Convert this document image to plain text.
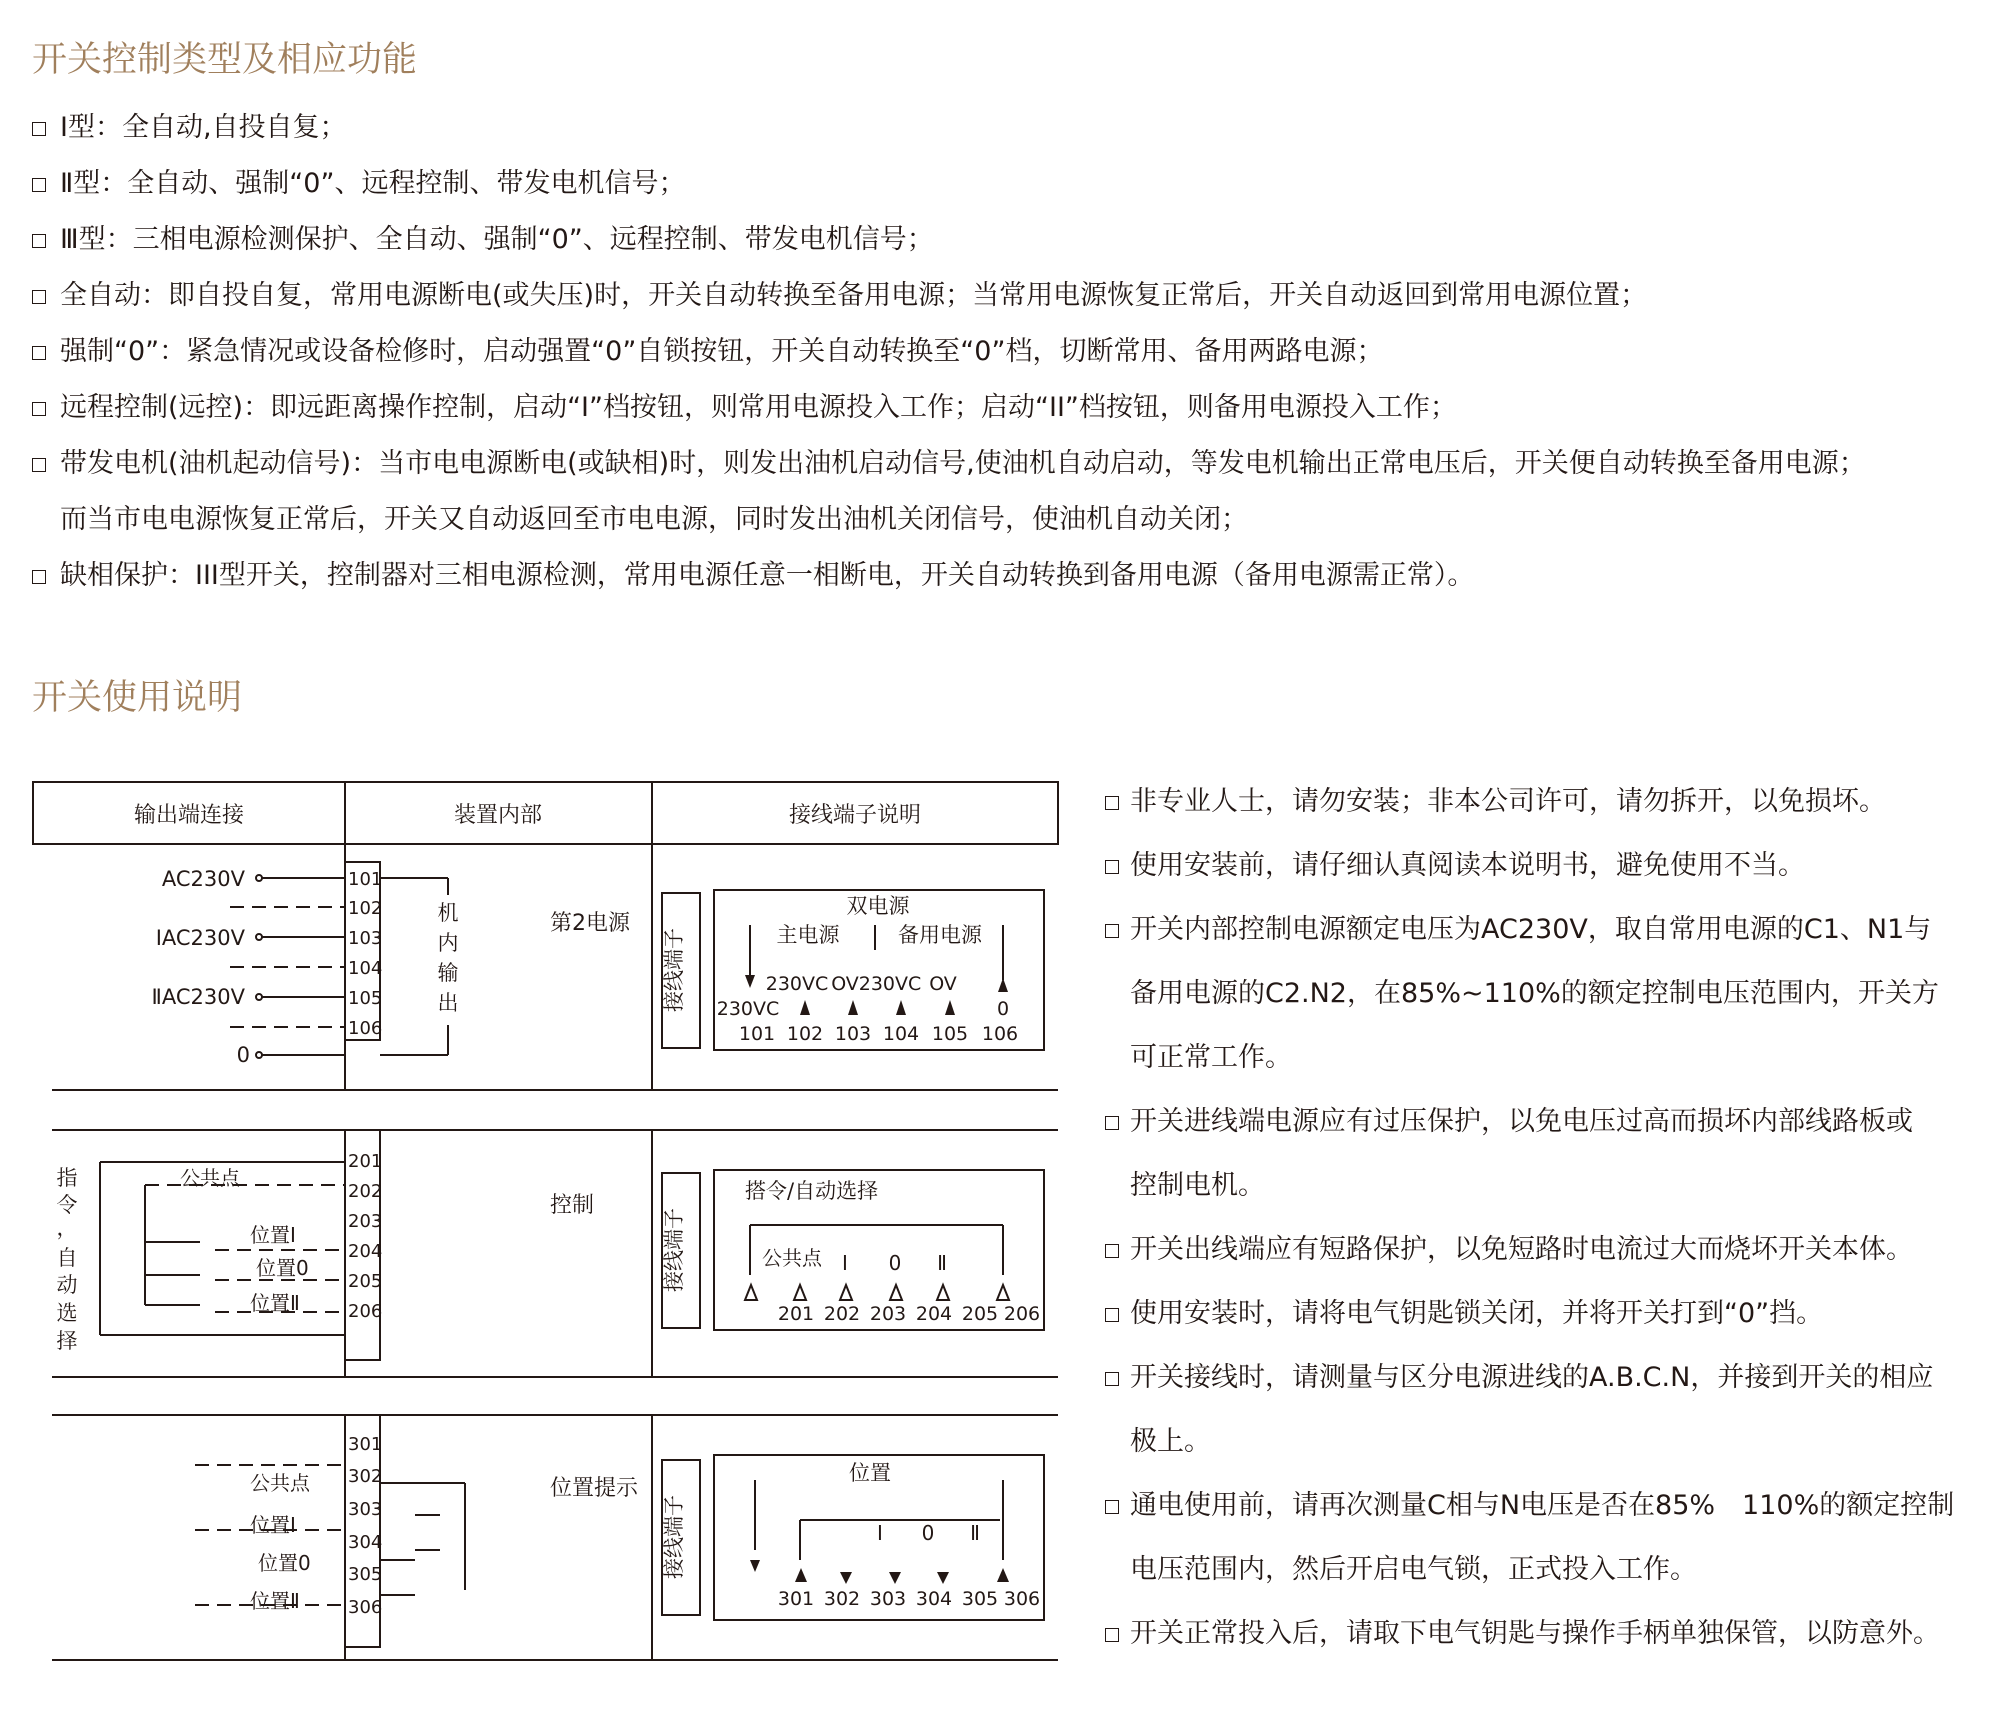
开关控制类型及相应功能
Ⅰ型：全自动,自投自复；
Ⅱ型：全自动、强制“0”、远程控制、带发电机信号；
Ⅲ型：三相电源检测保护、全自动、强制“0”、远程控制、带发电机信号；
全自动：即自投自复，常用电源断电(或失压)时，开关自动转换至备用电源；当常用电源恢复正常后，开关自动返回到常用电源位置；
强制“0”：紧急情况或设备检修时，启动强置“0”自锁按钮，开关自动转换至“0”档，切断常用、备用两路电源；
远程控制(远控)：即远距离操作控制，启动“I”档按钮，则常用电源投入工作；启动“II”档按钮，则备用电源投入工作；
带发电机(油机起动信号)：当市电电源断电(或缺相)时，则发出油机启动信号,使油机自动启动，等发电机输出正常电压后，开关便自动转换至备用电源；
而当市电电源恢复正常后，开关又自动返回至市电电源，同时发出油机关闭信号，使油机自动关闭；
缺相保护：III型开关，控制器对三相电源检测，常用电源任意一相断电，开关自动转换到备用电源（备用电源需正常）。
开关使用说明
输出端连接	装置内部	接线端子说明
AC230V
ⅠAC230V
ⅡAC230V
0
101
102
103
104
105
106
机
内
输
出
第2电源
接线端子
双电源
主电源	备用电源
230VC OV 230VC OV
0
230VC
101 102 103 104 105 106
指
令
，
自
动
选
择
公共点
位置Ⅰ
位置0
位置Ⅱ
201
202
203
204
205
206
控制
接线端子
搭令/自动选择
公共点 Ⅰ 0 Ⅱ
201 202 203 204 205 206
301
302
303
304
305
306
公共点
位置Ⅰ
位置0
位置Ⅱ
位置提示
接线端子
位置
Ⅰ 0 Ⅱ
301 302 303 304 305 306
非专业人士，请勿安装；非本公司许可，请勿拆开，以免损坏。
使用安装前，请仔细认真阅读本说明书，避免使用不当。
开关内部控制电源额定电压为AC230V，取自常用电源的C1、N1与
备用电源的C2.N2，在85%~110%的额定控制电压范围内，开关方
可正常工作。
开关进线端电源应有过压保护，以免电压过高而损坏内部线路板或
控制电机。
开关出线端应有短路保护，以免短路时电流过大而烧坏开关本体。
使用安装时，请将电气钥匙锁关闭，并将开关打到“0”挡。
开关接线时，请测量与区分电源进线的A.B.C.N，并接到开关的相应
极上。
通电使用前，请再次测量C相与N电压是否在85%　110%的额定控制
电压范围内，然后开启电气锁，正式投入工作。
开关正常投入后，请取下电气钥匙与操作手柄单独保管，以防意外。
